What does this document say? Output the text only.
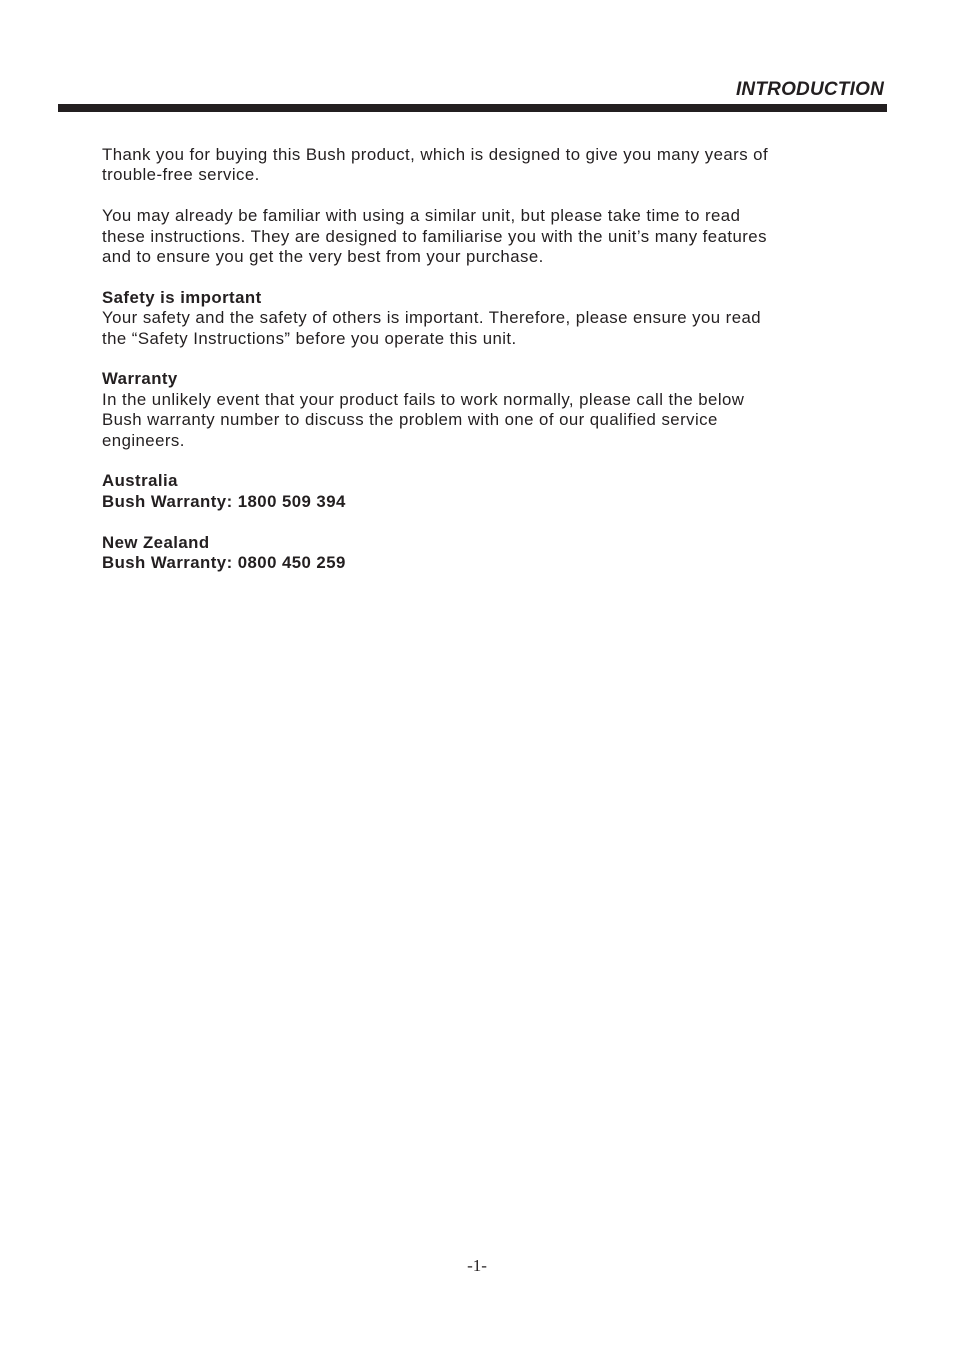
INTRODUCTION

Thank you for buying this Bush product, which is designed to give you many years of
trouble-free service.

You may already be familiar with using a similar unit, but please take time to read
these instructions. They are designed to familiarise you with the unit’s many features
and to ensure you get the very best from your purchase.

Safety is important
Your safety and the safety of others is important. Therefore, please ensure you read
the “Safety Instructions” before you operate this unit.

Warranty
In the unlikely event that your product fails to work normally, please call the below
Bush warranty number to discuss the problem with one of our qualified service
engineers.

Australia
Bush Warranty: 1800 509 394

New Zealand
Bush Warranty: 0800 450 259

-1-
